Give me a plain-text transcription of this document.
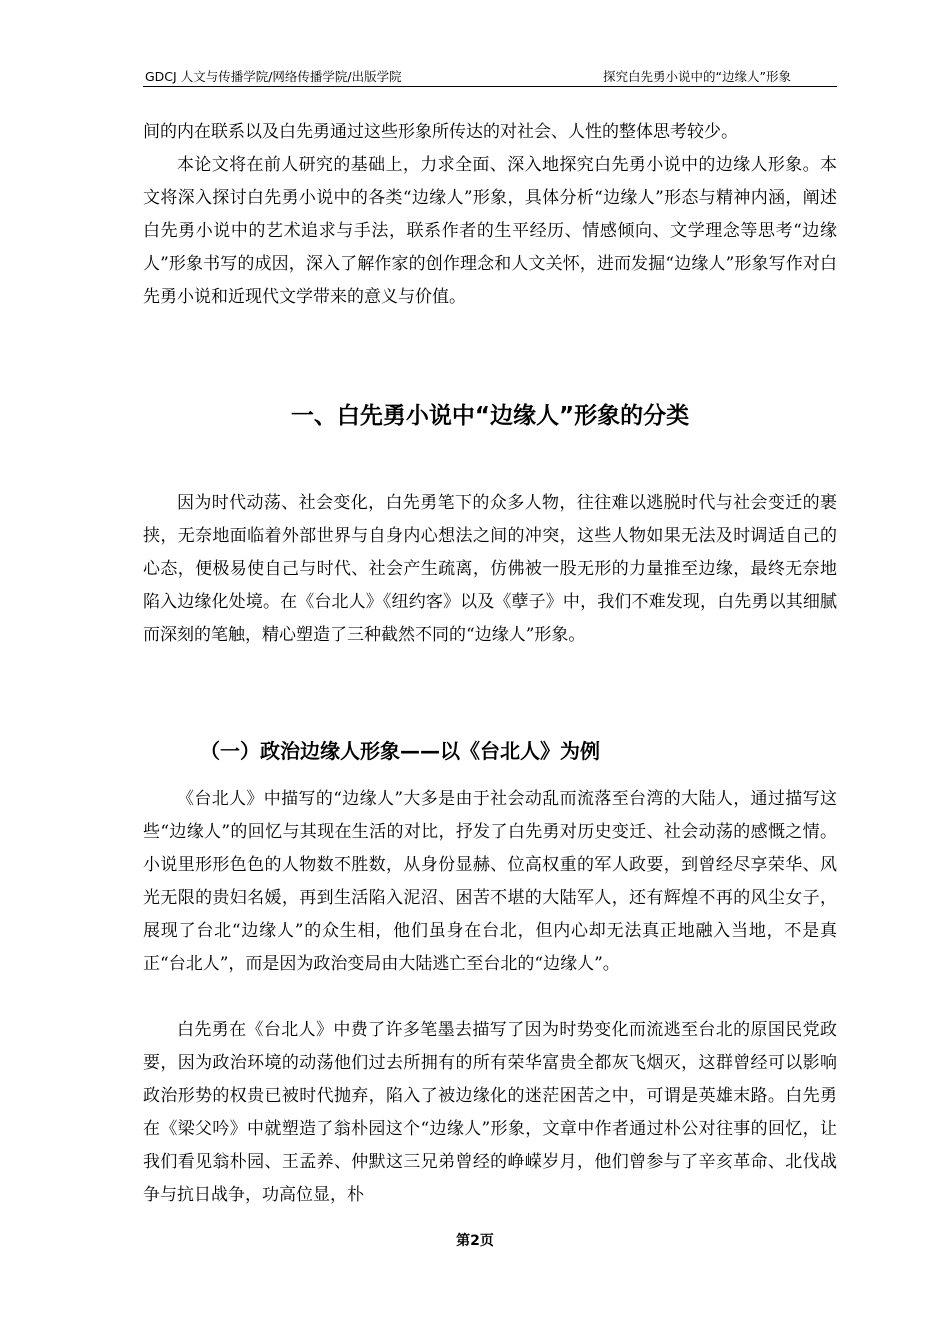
GDCJ 人文与传播学院/网络传播学院/出版学院	探究白先勇小说中的“边缘人”形象

间的内在联系以及白先勇通过这些形象所传达的对社会、人性的整体思考较少。

本论文将在前人研究的基础上，力求全面、深入地探究白先勇小说中的边缘人形象。本文将深入探讨白先勇小说中的各类“边缘人”形象，具体分析“边缘人”形态与精神内涵，阐述白先勇小说中的艺术追求与手法，联系作者的生平经历、情感倾向、文学理念等思考“边缘人”形象书写的成因，深入了解作家的创作理念和人文关怀，进而发掘“边缘人”形象写作对白先勇小说和近现代文学带来的意义与价值。

一、白先勇小说中“边缘人”形象的分类

因为时代动荡、社会变化，白先勇笔下的众多人物，往往难以逃脱时代与社会变迁的裹挟，无奈地面临着外部世界与自身内心想法之间的冲突，这些人物如果无法及时调适自己的心态，便极易使自己与时代、社会产生疏离，仿佛被一股无形的力量推至边缘，最终无奈地陷入边缘化处境。在《台北人》《纽约客》以及《孽子》中，我们不难发现，白先勇以其细腻而深刻的笔触，精心塑造了三种截然不同的“边缘人”形象。

（一）政治边缘人形象——以《台北人》为例

《台北人》中描写的“边缘人”大多是由于社会动乱而流落至台湾的大陆人，通过描写这些“边缘人”的回忆与其现在生活的对比，抒发了白先勇对历史变迁、社会动荡的感慨之情。小说里形形色色的人物数不胜数，从身份显赫、位高权重的军人政要，到曾经尽享荣华、风光无限的贵妇名媛，再到生活陷入泥沼、困苦不堪的大陆军人，还有辉煌不再的风尘女子，展现了台北“边缘人”的众生相，他们虽身在台北，但内心却无法真正地融入当地，不是真正“台北人”，而是因为政治变局由大陆逃亡至台北的“边缘人”。

白先勇在《台北人》中费了许多笔墨去描写了因为时势变化而流逃至台北的原国民党政要，因为政治环境的动荡他们过去所拥有的所有荣华富贵全都灰飞烟灭，这群曾经可以影响政治形势的权贵已被时代抛弃，陷入了被边缘化的迷茫困苦之中，可谓是英雄末路。白先勇在《梁父吟》中就塑造了翁朴园这个“边缘人”形象，文章中作者通过朴公对往事的回忆，让我们看见翁朴园、王孟养、仲默这三兄弟曾经的峥嵘岁月，他们曾参与了辛亥革命、北伐战争与抗日战争，功高位显，朴

第2页
